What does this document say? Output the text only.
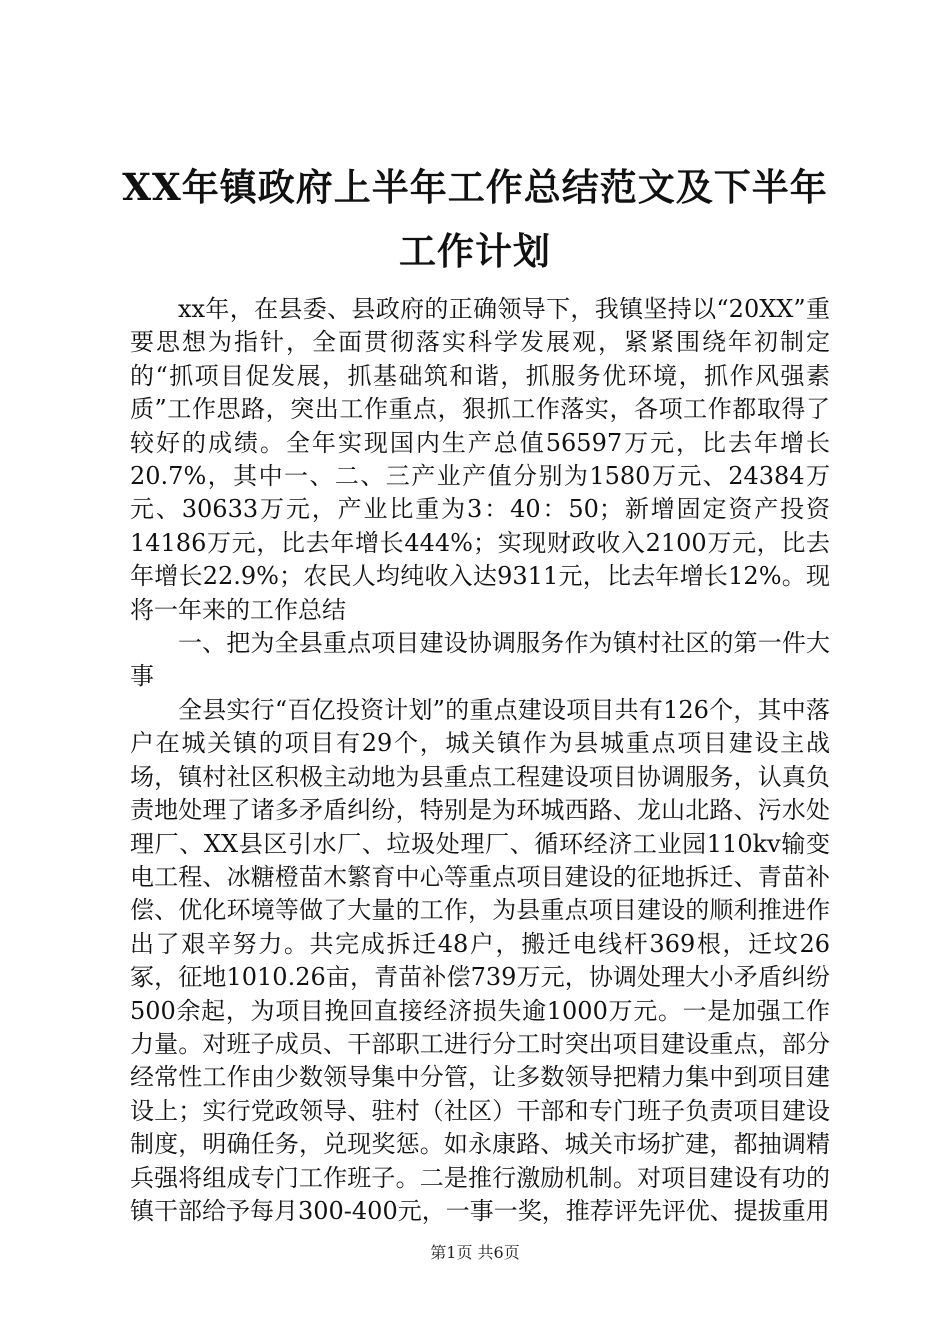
XX年镇政府上半年工作总结范文及下半年工作计划

xx年，在县委、县政府的正确领导下，我镇坚持以“20XX”重要思想为指针，全面贯彻落实科学发展观，紧紧围绕年初制定的“抓项目促发展，抓基础筑和谐，抓服务优环境，抓作风强素质”工作思路，突出工作重点，狠抓工作落实，各项工作都取得了较好的成绩。全年实现国内生产总值56597万元，比去年增长20.7%，其中一、二、三产业产值分别为1580万元、24384万元、30633万元，产业比重为3：40：50；新增固定资产投资14186万元，比去年增长444%；实现财政收入2100万元，比去年增长22.9%；农民人均纯收入达9311元，比去年增长12%。现将一年来的工作总结

一、把为全县重点项目建设协调服务作为镇村社区的第一件大事

全县实行“百亿投资计划”的重点建设项目共有126个，其中落户在城关镇的项目有29个，城关镇作为县城重点项目建设主战场，镇村社区积极主动地为县重点工程建设项目协调服务，认真负责地处理了诸多矛盾纠纷，特别是为环城西路、龙山北路、污水处理厂、XX县区引水厂、垃圾处理厂、循环经济工业园110kv输变电工程、冰糖橙苗木繁育中心等重点项目建设的征地拆迁、青苗补偿、优化环境等做了大量的工作，为县重点项目建设的顺利推进作出了艰辛努力。共完成拆迁48户，搬迁电线杆369根，迁坟26冢，征地1010.26亩，青苗补偿739万元，协调处理大小矛盾纠纷500余起，为项目挽回直接经济损失逾1000万元。一是加强工作力量。对班子成员、干部职工进行分工时突出项目建设重点，部分经常性工作由少数领导集中分管，让多数领导把精力集中到项目建设上；实行党政领导、驻村（社区）干部和专门班子负责项目建设制度，明确任务，兑现奖惩。如永康路、城关市场扩建，都抽调精兵强将组成专门工作班子。二是推行激励机制。对项目建设有功的镇干部给予每月300-400元，一事一奖，推荐评先评优、提拔重用

第1页 共6页
